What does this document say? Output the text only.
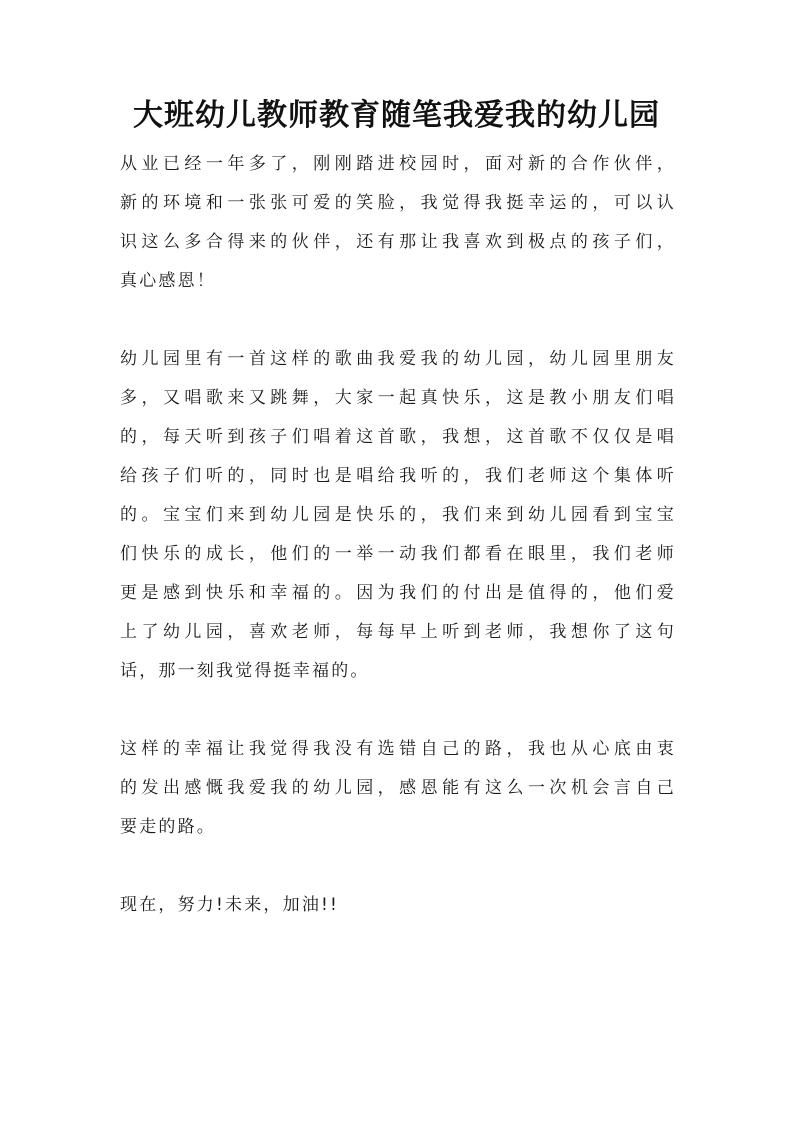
大班幼儿教师教育随笔我爱我的幼儿园
从业已经一年多了，刚刚踏进校园时，面对新的合作伙伴，
新的环境和一张张可爱的笑脸，我觉得我挺幸运的，可以认
识这么多合得来的伙伴，还有那让我喜欢到极点的孩子们，
真心感恩！
幼儿园里有一首这样的歌曲我爱我的幼儿园，幼儿园里朋友
多，又唱歌来又跳舞，大家一起真快乐，这是教小朋友们唱
的，每天听到孩子们唱着这首歌，我想，这首歌不仅仅是唱
给孩子们听的，同时也是唱给我听的，我们老师这个集体听
的。宝宝们来到幼儿园是快乐的，我们来到幼儿园看到宝宝
们快乐的成长，他们的一举一动我们都看在眼里，我们老师
更是感到快乐和幸福的。因为我们的付出是值得的，他们爱
上了幼儿园，喜欢老师，每每早上听到老师，我想你了这句
话，那一刻我觉得挺幸福的。
这样的幸福让我觉得我没有选错自己的路，我也从心底由衷
的发出感慨我爱我的幼儿园，感恩能有这么一次机会言自己
要走的路。
现在，努力!未来，加油!!
